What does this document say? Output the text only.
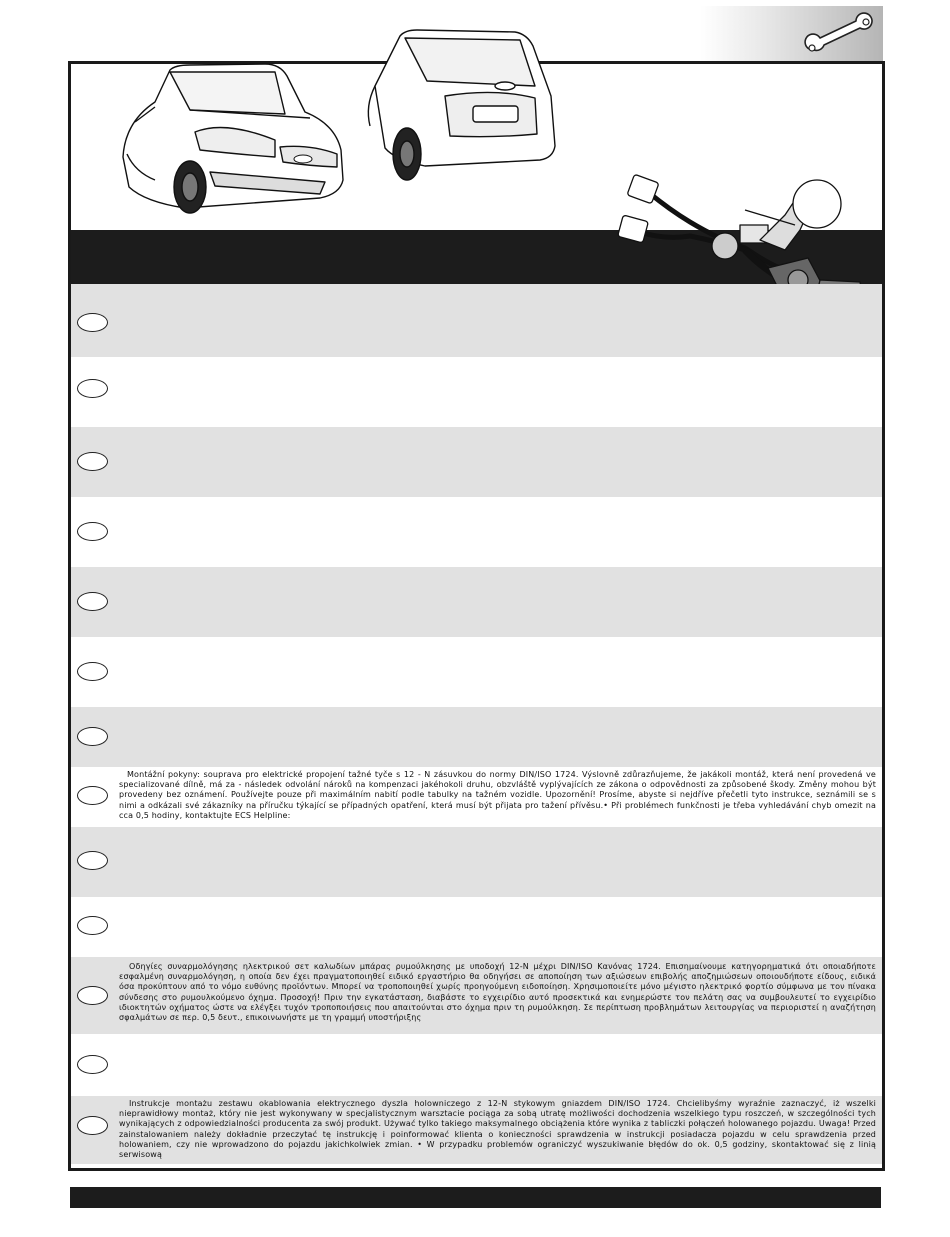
Montážní pokyny: souprava pro elektrické propojení tažné tyče s 12 - N zásuvkou do normy DIN/ISO 1724. Výslovně zdůrazňujeme, že jakákoli montáž, která není provedená ve specializované dílně, má za - následek odvolání nároků na kompenzaci jakéhokoli druhu, obzvláště vyplývajících ze zákona o odpovědnosti za způsobené škody. Změny mohou být provedeny bez oznámení. Používejte pouze při maximálním nabití podle tabulky na tažném vozidle. Upozornění! Prosíme, abyste si nejdříve přečetli tyto instrukce, seznámili se s nimi a odkázali své zákazníky na příručku týkající se případných opatření, která musí být přijata pro tažení přívěsu.• Při problémech funkčnosti je třeba vyhledávání chyb omezit na cca 0,5 hodiny, kontaktujte ECS Helpline:
Οδηγίες συναρμολόγησης ηλεκτρικού σετ καλωδίων μπάρας ρυμούλκησης με υποδοχή 12-N μέχρι DIN/ISO Κανόνας 1724. Επισημαίνουμε κατηγορηματικά ότι οποιαδήποτε εσφαλμένη συναρμολόγηση, η οποία δεν έχει πραγματοποιηθεί ειδικό εργαστήριο θα οδηγήσει σε αποποίηση των αξιώσεων επιβολής αποζημιώσεων οποιουδήποτε είδους, ειδικά όσα προκύπτουν από το νόμο ευθύνης προϊόντων. Μπορεί να τροποποιηθεί χωρίς προηγούμενη ειδοποίηση. Χρησιμοποιείτε μόνο μέγιστο ηλεκτρικό φορτίο σύμφωνα με τον πίνακα σύνδεσης στο ρυμουλκούμενο όχημα. Προσοχή! Πριν την εγκατάσταση, διαβάστε το εγχειρίδιο αυτό προσεκτικά και ενημερώστε τον πελάτη σας να συμβουλευτεί το εγχειρίδιο ιδιοκτητών οχήματος ώστε να ελέγξει τυχόν τροποποιήσεις που απαιτούνται στο όχημα πριν τη ρυμούλκηση. Σε περίπτωση προβλημάτων λειτουργίας να περιοριστεί η αναζήτηση σφαλμάτων σε περ. 0,5 δευτ., επικοινωνήστε με τη γραμμή υποστήριξης
Instrukcje montażu zestawu okablowania elektrycznego dyszla holowniczego z 12-N stykowym gniazdem DIN/ISO 1724. Chcielibyśmy wyraźnie zaznaczyć, iż wszelki nieprawidłowy montaż, który nie jest wykonywany w specjalistycznym warsztacie pociąga za sobą utratę możliwości dochodzenia wszelkiego typu roszczeń, w szczególności tych wynikających z odpowiedzialności producenta za swój produkt. Używać tylko takiego maksymalnego obciążenia które wynika z tabliczki połączeń holowanego pojazdu. Uwaga! Przed zainstalowaniem należy dokładnie przeczytać tę instrukcję i poinformować klienta o konieczności sprawdzenia w instrukcji posiadacza pojazdu w celu sprawdzenia przed holowaniem, czy nie wprowadzono do pojazdu jakichkolwiek zmian. • W przypadku problemów ograniczyć wyszukiwanie błędów do ok. 0,5 godziny, skontaktować się z linią serwisową
